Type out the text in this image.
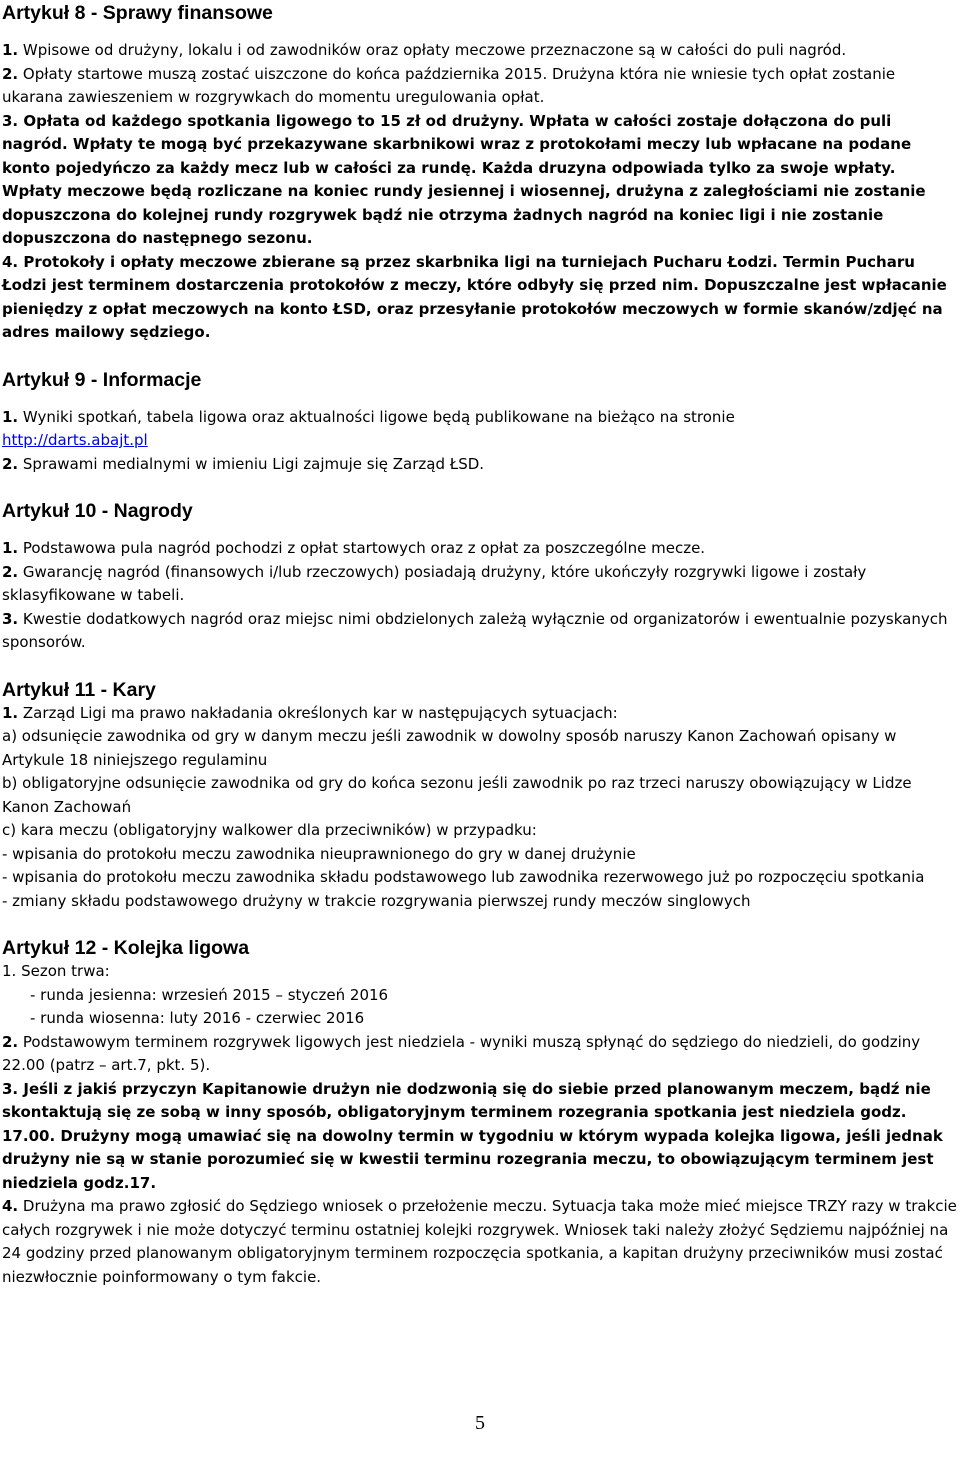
Artykuł 8 - Sprawy finansowe

1. Wpisowe od drużyny, lokalu i od zawodników oraz opłaty meczowe przeznaczone są w całości do puli nagród.

2. Opłaty startowe muszą zostać uiszczone do końca października 2015. Drużyna która nie wniesie tych opłat zostanie ukarana zawieszeniem w rozgrywkach do momentu uregulowania opłat.

3. Opłata od każdego spotkania ligowego to 15 zł od drużyny. Wpłata w całości zostaje dołączona do puli nagród. Wpłaty te mogą być przekazywane skarbnikowi wraz z protokołami meczy lub wpłacane na podane konto pojedyńczo za każdy mecz lub w całości za rundę. Każda druzyna odpowiada tylko za swoje wpłaty. Wpłaty meczowe będą rozliczane na koniec rundy jesiennej i wiosennej, drużyna z zaległościami nie zostanie dopuszczona do kolejnej rundy rozgrywek bądź nie otrzyma żadnych nagród na koniec ligi i nie zostanie dopuszczona do następnego sezonu.

4. Protokoły i opłaty meczowe zbierane są przez skarbnika ligi na turniejach Pucharu Łodzi. Termin Pucharu Łodzi jest terminem dostarczenia protokołów z meczy, które odbyły się przed nim. Dopuszczalne jest wpłacanie pieniędzy z opłat meczowych na konto ŁSD, oraz przesyłanie protokołów meczowych w formie skanów/zdjęć na adres mailowy sędziego.

Artykuł 9 - Informacje

1. Wyniki spotkań, tabela ligowa oraz aktualności ligowe będą publikowane na bieżąco na stronie

http://darts.abajt.pl

2. Sprawami medialnymi w imieniu Ligi zajmuje się Zarząd ŁSD.

Artykuł 10 - Nagrody

1. Podstawowa pula nagród pochodzi z opłat startowych oraz z opłat za poszczególne mecze.

2. Gwarancję nagród (finansowych i/lub rzeczowych) posiadają drużyny, które ukończyły rozgrywki ligowe i zostały sklasyfikowane w tabeli.

3. Kwestie dodatkowych nagród oraz miejsc nimi obdzielonych zależą wyłącznie od organizatorów i ewentualnie pozyskanych sponsorów.

Artykuł 11 - Kary

1. Zarząd Ligi ma prawo nakładania określonych kar w następujących sytuacjach:

a) odsunięcie zawodnika od gry w danym meczu jeśli zawodnik w dowolny sposób naruszy Kanon Zachowań opisany w Artykule 18 niniejszego regulaminu

b) obligatoryjne odsunięcie zawodnika od gry do końca sezonu jeśli zawodnik po raz trzeci naruszy obowiązujący w Lidze Kanon Zachowań

c) kara meczu (obligatoryjny walkower dla przeciwników) w przypadku:

- wpisania do protokołu meczu zawodnika nieuprawnionego do gry w danej drużynie

- wpisania do protokołu meczu zawodnika składu podstawowego lub zawodnika rezerwowego już po rozpoczęciu spotkania

- zmiany składu podstawowego drużyny w trakcie rozgrywania pierwszej rundy meczów singlowych

Artykuł 12 - Kolejka ligowa

1. Sezon trwa:

- runda jesienna: wrzesień 2015 – styczeń 2016

- runda wiosenna: luty 2016 - czerwiec 2016

2. Podstawowym terminem rozgrywek ligowych jest niedziela - wyniki muszą spłynąć do sędziego do niedzieli, do godziny 22.00 (patrz – art.7, pkt. 5).

3. Jeśli z jakiś przyczyn Kapitanowie drużyn nie dodzwonią się do siebie przed planowanym meczem, bądź nie skontaktują się ze sobą w inny sposób, obligatoryjnym terminem rozegrania spotkania jest niedziela godz. 17.00. Drużyny mogą umawiać się na dowolny termin w tygodniu w którym wypada kolejka ligowa, jeśli jednak drużyny nie są w stanie porozumieć się w kwestii terminu rozegrania meczu, to obowiązującym terminem jest niedziela godz.17.

4. Drużyna ma prawo zgłosić do Sędziego wniosek o przełożenie meczu. Sytuacja taka może mieć miejsce TRZY razy w trakcie całych rozgrywek i nie może dotyczyć terminu ostatniej kolejki rozgrywek. Wniosek taki należy złożyć Sędziemu najpóźniej na 24 godziny przed planowanym obligatoryjnym terminem rozpoczęcia spotkania, a kapitan drużyny przeciwników musi zostać niezwłocznie poinformowany o tym fakcie.

5
